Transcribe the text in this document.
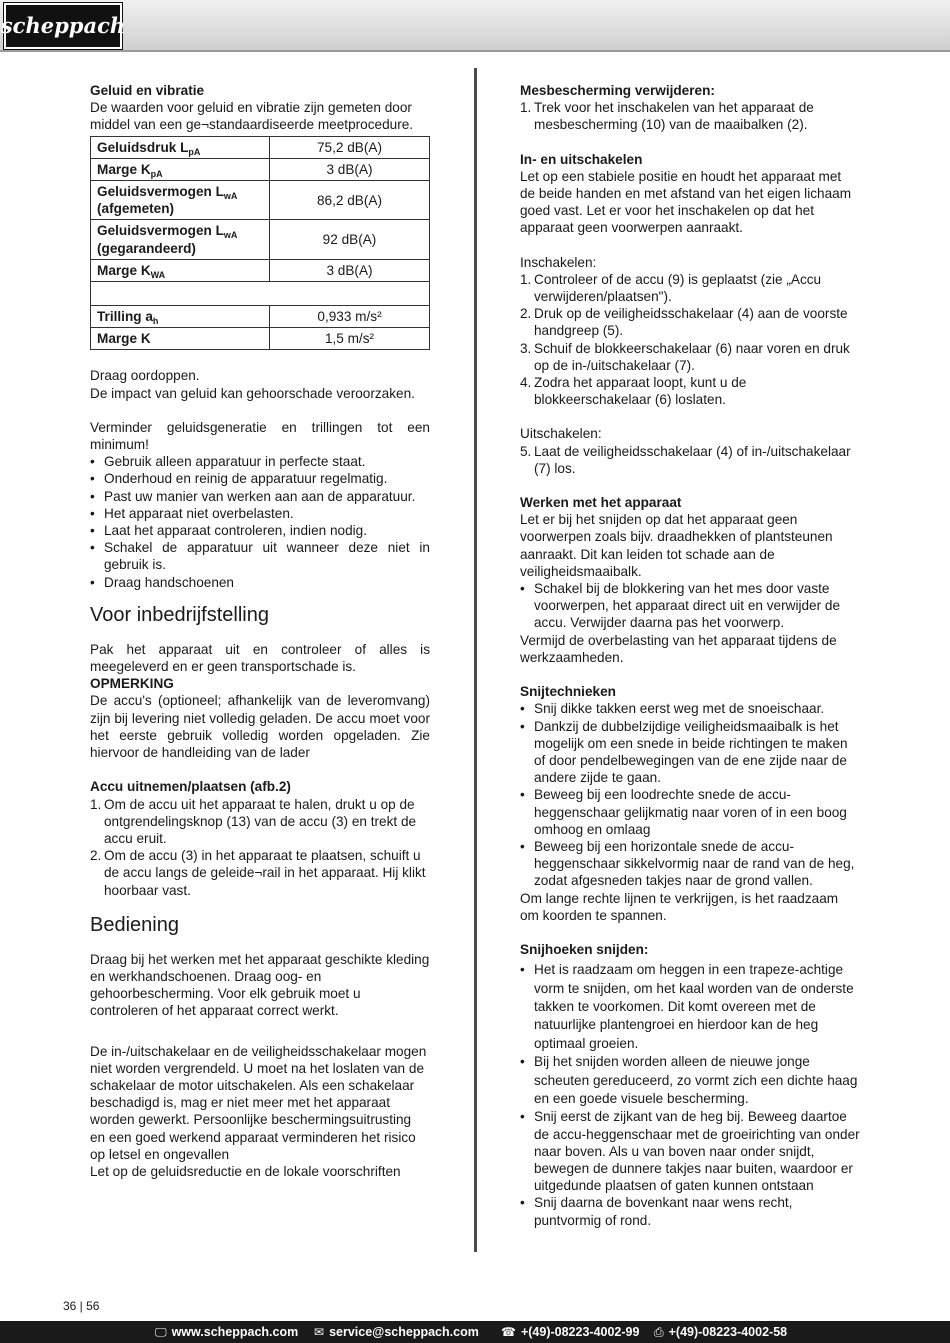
scheppach

Geluid en vibratie

De waarden voor geluid en vibratie zijn gemeten door middel van een ge¬standaardiseerde meetprocedure.

Geluidsdruk $L_{pA}$	75,2 dB(A)
Marge $K_{pA}$	3 dB(A)
Geluidsvermogen $L_{wA}$
(afgemeten)	86,2 dB(A)
Geluidsvermogen $L_{wA}$
(gegarandeerd)	92 dB(A)
Marge $K_{WA}$	3 dB(A)

Trilling $a_h$	0,933 m/s²
Marge K	1,5 m/s²

Draag oordoppen.

De impact van geluid kan gehoorschade veroorzaken.

Verminder geluidsgeneratie en trillingen tot een minimum!

• Gebruik alleen apparatuur in perfecte staat.
• Onderhoud en reinig de apparatuur regelmatig.
• Past uw manier van werken aan aan de apparatuur.
• Het apparaat niet overbelasten.
• Laat het apparaat controleren, indien nodig.
• Schakel de apparatuur uit wanneer deze niet in gebruik is.
• Draag handschoenen

Voor inbedrijfstelling

Pak het apparaat uit en controleer of alles is meegeleverd en er geen transportschade is.

OPMERKING

De accu's (optioneel; afhankelijk van de leveromvang) zijn bij levering niet volledig geladen. De accu moet voor het eerste gebruik volledig worden opgeladen. Zie hiervoor de handleiding van de lader

Accu uitnemen/plaatsen (afb.2)

1. Om de accu uit het apparaat te halen, drukt u op de ontgrendelingsknop (13) van de accu (3) en trekt de accu eruit.
2. Om de accu (3) in het apparaat te plaatsen, schuift u de accu langs de geleide¬rail in het apparaat. Hij klikt hoorbaar vast.

Bediening

Draag bij het werken met het apparaat geschikte kleding en werkhandschoenen. Draag oog- en gehoorbescherming. Voor elk gebruik moet u controleren of het apparaat correct werkt.

De in-/uitschakelaar en de veiligheidsschakelaar mogen niet worden vergrendeld. U moet na het loslaten van de schakelaar de motor uitschakelen. Als een schakelaar beschadigd is, mag er niet meer met het apparaat worden gewerkt. Persoonlijke beschermingsuitrusting en een goed werkend apparaat verminderen het risico op letsel en ongevallen

Let op de geluidsreductie en de lokale voorschriften

Mesbescherming verwijderen:

1. Trek voor het inschakelen van het apparaat de mesbescherming (10) van de maaibalken (2).

In- en uitschakelen

Let op een stabiele positie en houdt het apparaat met de beide handen en met afstand van het eigen lichaam goed vast. Let er voor het inschakelen op dat het apparaat geen voorwerpen aanraakt.

Inschakelen:

1. Controleer of de accu (9) is geplaatst (zie „Accu verwijderen/plaatsen").
2. Druk op de veiligheidsschakelaar (4) aan de voorste handgreep (5).
3. Schuif de blokkeerschakelaar (6) naar voren en druk op de in-/uitschakelaar (7).
4. Zodra het apparaat loopt, kunt u de blokkeerschakelaar (6) loslaten.

Uitschakelen:

5. Laat de veiligheidsschakelaar (4) of in-/uitschakelaar (7) los.

Werken met het apparaat

Let er bij het snijden op dat het apparaat geen voorwerpen zoals bijv. draadhekken of plantsteunen aanraakt. Dit kan leiden tot schade aan de veiligheidsmaaibalk.

• Schakel bij de blokkering van het mes door vaste voorwerpen, het apparaat direct uit en verwijder de accu. Verwijder daarna pas het voorwerp.

Vermijd de overbelasting van het apparaat tijdens de werkzaamheden.

Snijtechnieken

• Snij dikke takken eerst weg met de snoeischaar.
• Dankzij de dubbelzijdige veiligheidsmaaibalk is het mogelijk om een snede in beide richtingen te maken of door pendelbewegingen van de ene zijde naar de andere zijde te gaan.
• Beweeg bij een loodrechte snede de accu-heggenschaar gelijkmatig naar voren of in een boog omhoog en omlaag
• Beweeg bij een horizontale snede de accu-heggenschaar sikkelvormig naar de rand van de heg, zodat afgesneden takjes naar de grond vallen.

Om lange rechte lijnen te verkrijgen, is het raadzaam om koorden te spannen.

Snijhoeken snijden:

• Het is raadzaam om heggen in een trapeze-achtige vorm te snijden, om het kaal worden van de onderste takken te voorkomen. Dit komt overeen met de natuurlijke plantengroei en hierdoor kan de heg optimaal groeien.
• Bij het snijden worden alleen de nieuwe jonge scheuten gereduceerd, zo vormt zich een dichte haag en een goede visuele bescherming.
• Snij eerst de zijkant van de heg bij. Beweeg daartoe de accu-heggenschaar met de groeirichting van onder naar boven. Als u van boven naar onder snijdt, bewegen de dunnere takjes naar buiten, waardoor er uitgedunde plaatsen of gaten kunnen ontstaan
• Snij daarna de bovenkant naar wens recht, puntvormig of rond.
36 | 56
🖵 www.scheppach.com ✉ service@scheppach.com ☎ +(49)-08223-4002-99 ⎙ +(49)-08223-4002-58
